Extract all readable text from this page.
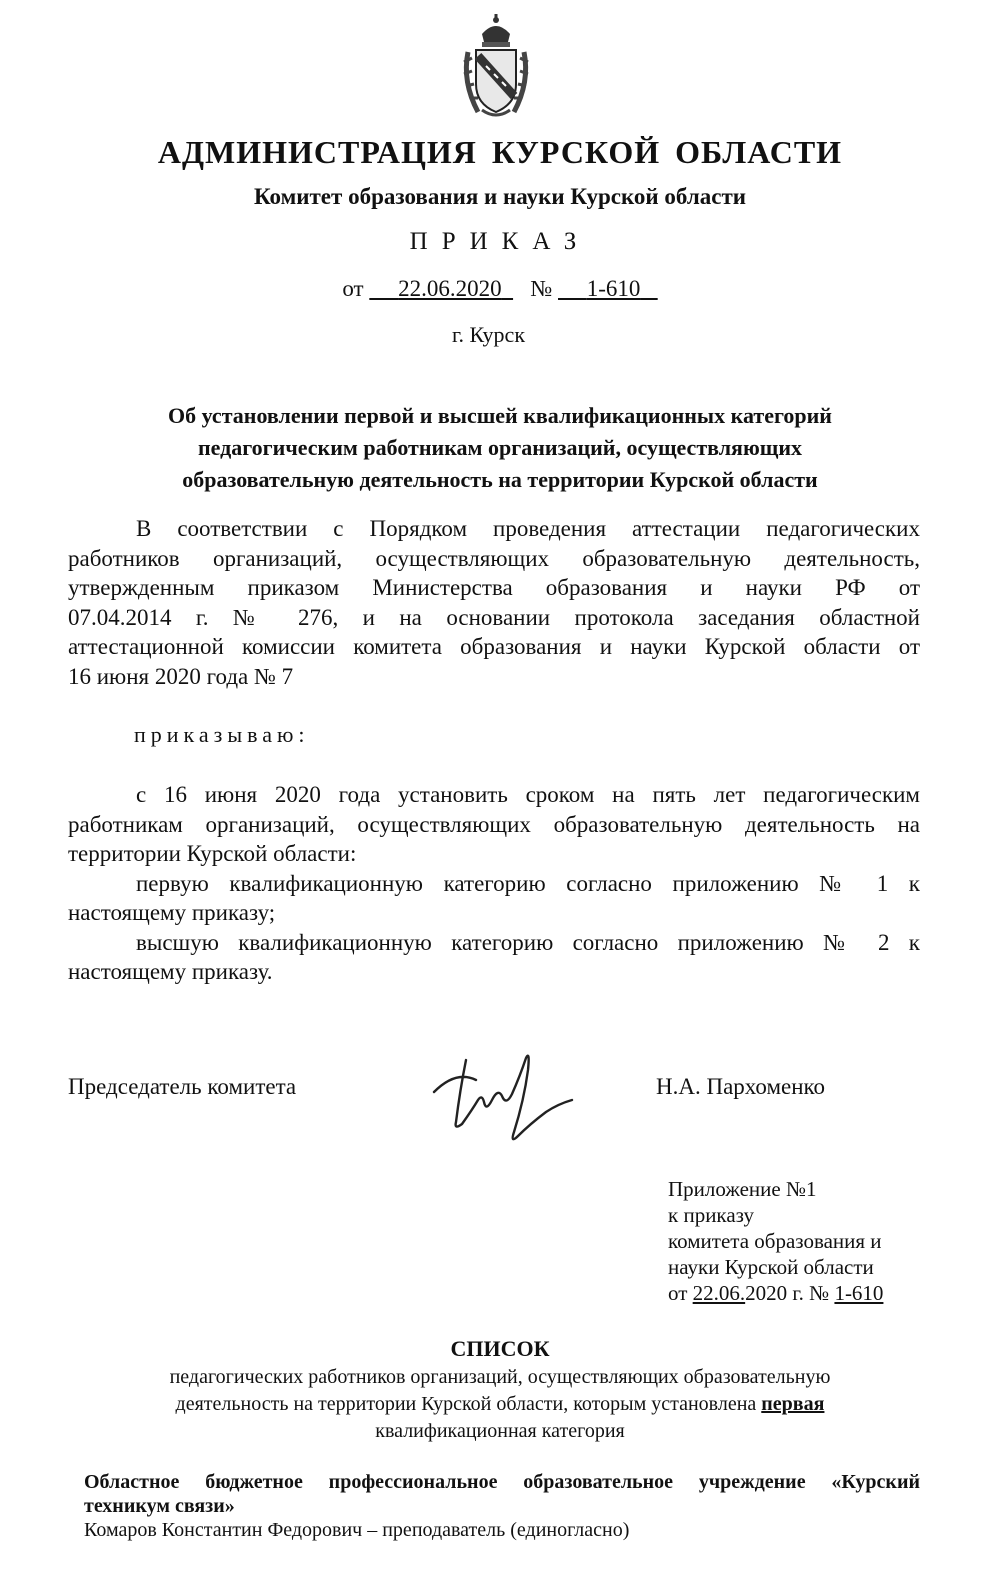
АДМИНИСТРАЦИЯ КУРСКОЙ ОБЛАСТИ
Комитет образования и науки Курской области
ПРИКАЗ
от 22.06.2020 № 1-610
г. Курск
Об установлении первой и высшей квалификационных категорий
педагогическим работникам организаций, осуществляющих
образовательную деятельность на территории Курской области
В соответствии с Порядком проведения аттестации педагогических
работников организаций, осуществляющих образовательную деятельность,
утвержденным приказом Министерства образования и науки РФ от
07.04.2014 г. № 276, и на основании протокола заседания областной
аттестационной комиссии комитета образования и науки Курской области от
16 июня 2020 года № 7
приказываю:
с 16 июня 2020 года установить сроком на пять лет педагогическим
работникам организаций, осуществляющих образовательную деятельность на
территории Курской области:
первую квалификационную категорию согласно приложению № 1 к
настоящему приказу;
высшую квалификационную категорию согласно приложению № 2 к
настоящему приказу.
Председатель комитета	Н.А. Пархоменко
Приложение №1
к приказу
комитета образования и
науки Курской области
от 22.06.2020 г. № 1-610
СПИСОК
педагогических работников организаций, осуществляющих образовательную
деятельность на территории Курской области, которым установлена первая
квалификационная категория
Областное бюджетное профессиональное образовательное учреждение «Курский
техникум связи»
Комаров Константин Федорович – преподаватель (единогласно)
